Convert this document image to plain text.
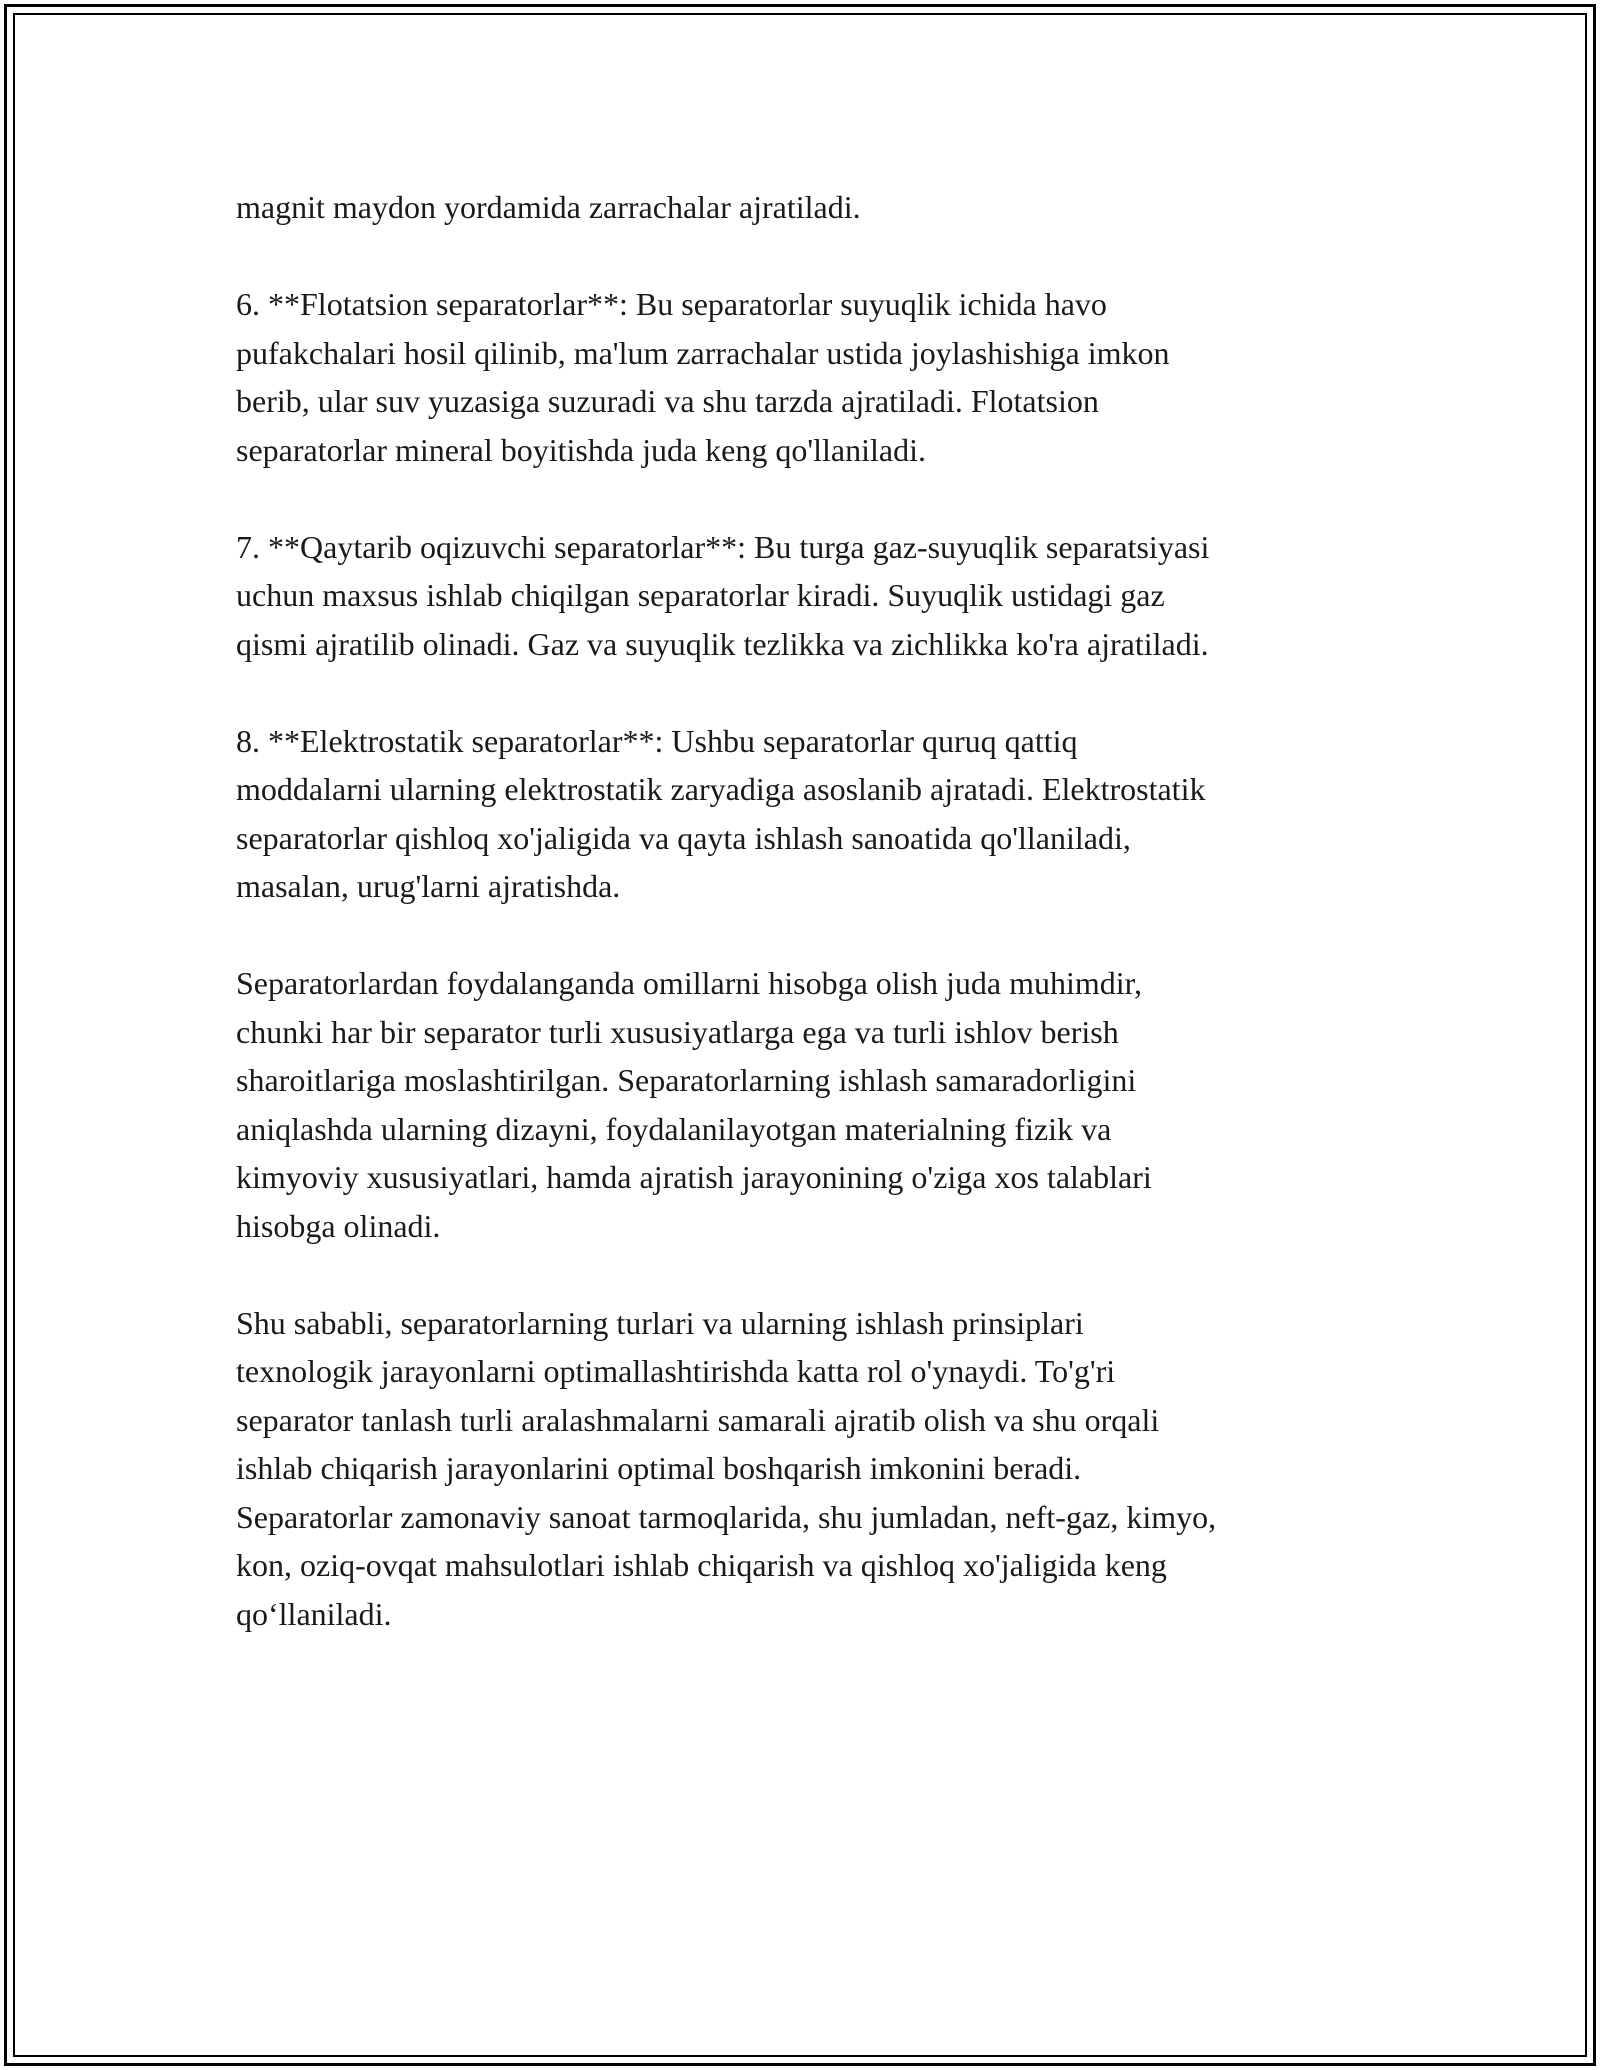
magnit maydon yordamida zarrachalar ajratiladi.

6. **Flotatsion separatorlar**: Bu separatorlar suyuqlik ichida havo
pufakchalari hosil qilinib, ma'lum zarrachalar ustida joylashishiga imkon
berib, ular suv yuzasiga suzuradi va shu tarzda ajratiladi. Flotatsion
separatorlar mineral boyitishda juda keng qo'llaniladi.

7. **Qaytarib oqizuvchi separatorlar**: Bu turga gaz-suyuqlik separatsiyasi
uchun maxsus ishlab chiqilgan separatorlar kiradi. Suyuqlik ustidagi gaz
qismi ajratilib olinadi. Gaz va suyuqlik tezlikka va zichlikka ko'ra ajratiladi.

8. **Elektrostatik separatorlar**: Ushbu separatorlar quruq qattiq
moddalarni ularning elektrostatik zaryadiga asoslanib ajratadi. Elektrostatik
separatorlar qishloq xo'jaligida va qayta ishlash sanoatida qo'llaniladi,
masalan, urug'larni ajratishda.

Separatorlardan foydalanganda omillarni hisobga olish juda muhimdir,
chunki har bir separator turli xususiyatlarga ega va turli ishlov berish
sharoitlariga moslashtirilgan. Separatorlarning ishlash samaradorligini
aniqlashda ularning dizayni, foydalanilayotgan materialning fizik va
kimyoviy xususiyatlari, hamda ajratish jarayonining o'ziga xos talablari
hisobga olinadi.

Shu sababli, separatorlarning turlari va ularning ishlash prinsiplari
texnologik jarayonlarni optimallashtirishda katta rol o'ynaydi. To'g'ri
separator tanlash turli aralashmalarni samarali ajratib olish va shu orqali
ishlab chiqarish jarayonlarini optimal boshqarish imkonini beradi.
Separatorlar zamonaviy sanoat tarmoqlarida, shu jumladan, neft-gaz, kimyo,
kon, oziq-ovqat mahsulotlari ishlab chiqarish va qishloq xo'jaligida keng
qo‘llaniladi.
